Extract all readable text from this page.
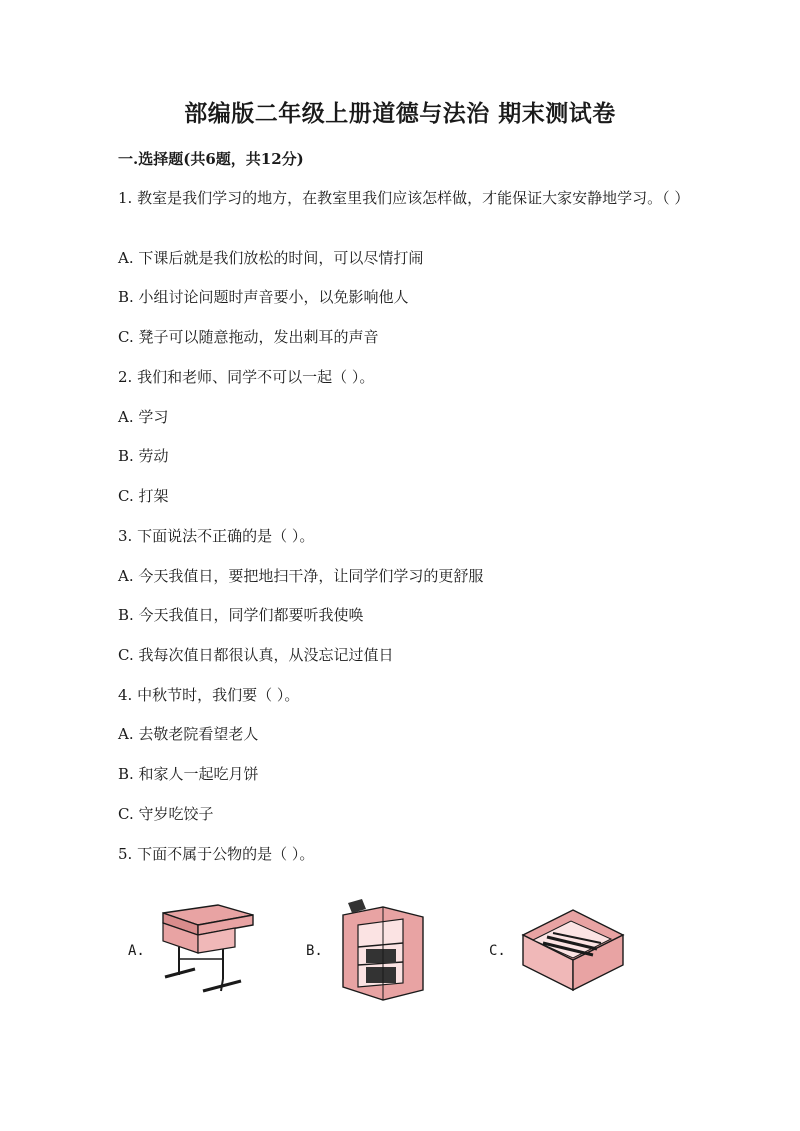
部编版二年级上册道德与法治 期末测试卷
一.选择题(共6题，共12分)
1. 教室是我们学习的地方，在教室里我们应该怎样做，才能保证大家安静地学习。（ ）
A. 下课后就是我们放松的时间，可以尽情打闹
B. 小组讨论问题时声音要小，以免影响他人
C. 凳子可以随意拖动，发出刺耳的声音
2. 我们和老师、同学不可以一起（ ）。
A. 学习
B. 劳动
C. 打架
3. 下面说法不正确的是（ ）。
A. 今天我值日，要把地扫干净，让同学们学习的更舒服
B. 今天我值日，同学们都要听我使唤
C. 我每次值日都很认真，从没忘记过值日
4. 中秋节时，我们要（ ）。
A. 去敬老院看望老人
B. 和家人一起吃月饼
C. 守岁吃饺子
5. 下面不属于公物的是（ ）。
A.	B.	C.
